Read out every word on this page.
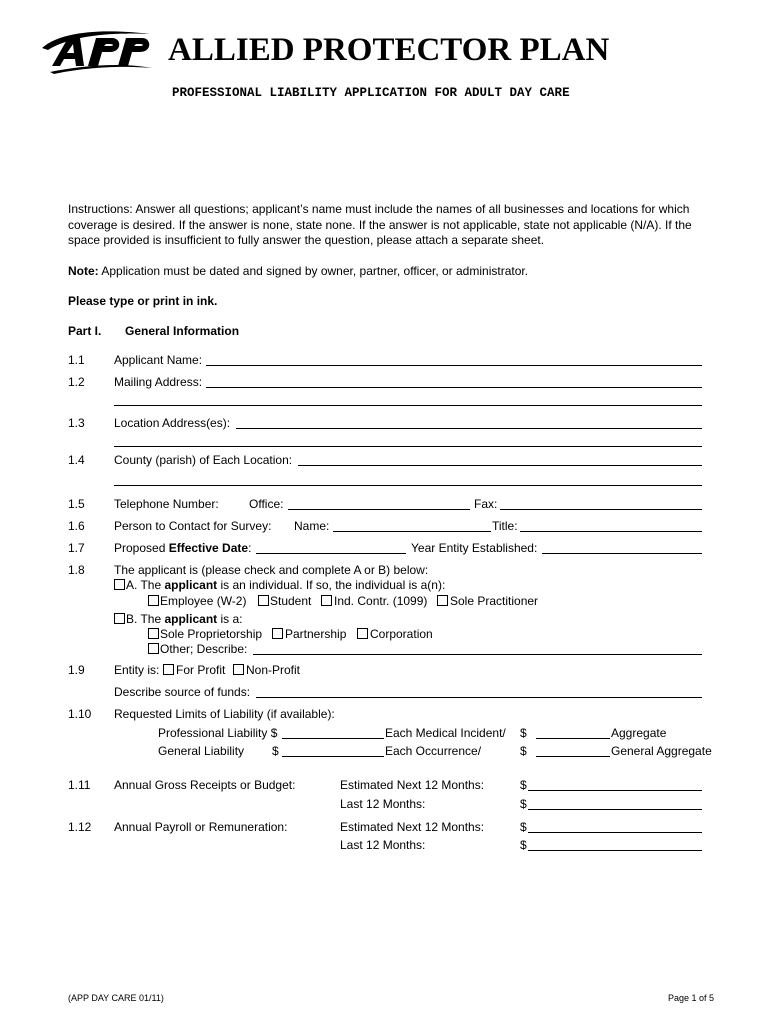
ALLIED PROTECTOR PLAN
PROFESSIONAL LIABILITY APPLICATION FOR ADULT DAY CARE
Instructions: Answer all questions; applicant’s name must include the names of all businesses and locations for which coverage is desired. If the answer is none, state none. If the answer is not applicable, state not applicable (N/A). If the space provided is insufficient to fully answer the question, please attach a separate sheet.
Note: Application must be dated and signed by owner, partner, officer, or administrator.
Please type or print in ink.
Part I. General Information
1.1 Applicant Name:
1.2 Mailing Address:
1.3 Location Address(es):
1.4 County (parish) of Each Location:
1.5 Telephone Number:	Office:	Fax:
1.6 Person to Contact for Survey: Name:	Title:
1.7 Proposed Effective Date:	Year Entity Established:
1.8 The applicant is (please check and complete A or B) below:
A. The applicant is an individual. If so, the individual is a(n):
Employee (W-2) Student Ind. Contr. (1099) Sole Practitioner
B. The applicant is a:
Sole Proprietorship Partnership Corporation
Other; Describe:
1.9 Entity is: For Profit Non-Profit
Describe source of funds:
1.10 Requested Limits of Liability (if available):
Professional Liability $	Each Medical Incident/ $	Aggregate
General Liability $	Each Occurrence/	$	General Aggregate
1.11 Annual Gross Receipts or Budget:	Estimated Next 12 Months:	$
Last 12 Months:	$
1.12 Annual Payroll or Remuneration:	Estimated Next 12 Months:	$
Last 12 Months:	$
(APP DAY CARE 01/11)	Page 1 of 5
